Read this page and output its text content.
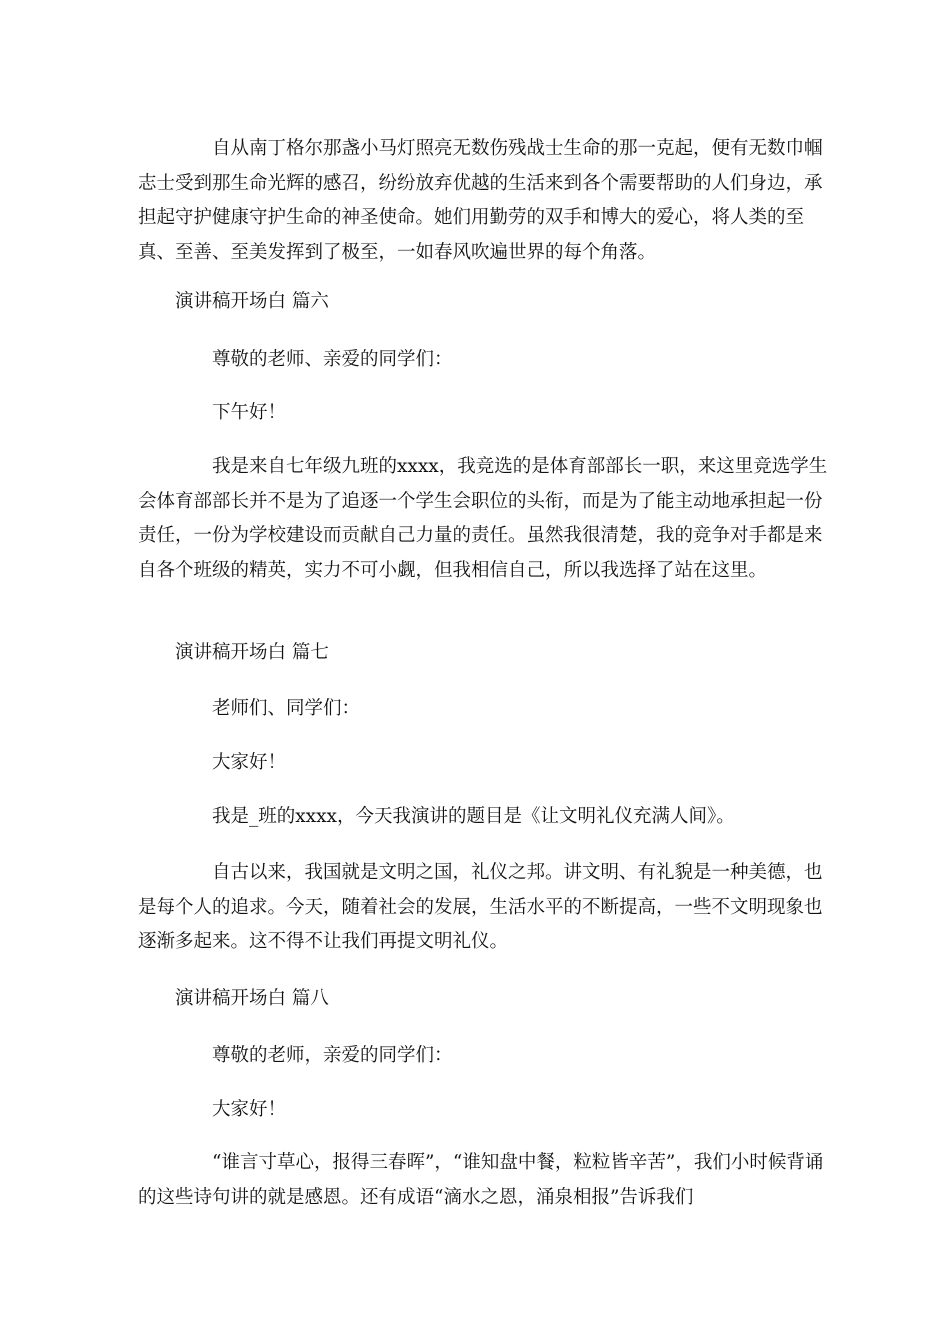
自从南丁格尔那盏小马灯照亮无数伤残战士生命的那一克起，便有无数巾帼志士受到那生命光辉的感召，纷纷放弃优越的生活来到各个需要帮助的人们身边，承担起守护健康守护生命的神圣使命。她们用勤劳的双手和博大的爱心，将人类的至真、至善、至美发挥到了极至，一如春风吹遍世界的每个角落。

演讲稿开场白 篇六

尊敬的老师、亲爱的同学们：

下午好！

我是来自七年级九班的xxxx，我竞选的是体育部部长一职，来这里竞选学生会体育部部长并不是为了追逐一个学生会职位的头衔，而是为了能主动地承担起一份责任，一份为学校建设而贡献自己力量的责任。虽然我很清楚，我的竞争对手都是来自各个班级的精英，实力不可小觑，但我相信自己，所以我选择了站在这里。

演讲稿开场白 篇七

老师们、同学们：

大家好！

我是_班的xxxx，今天我演讲的题目是《让文明礼仪充满人间》。

自古以来，我国就是文明之国，礼仪之邦。讲文明、有礼貌是一种美德，也是每个人的追求。今天，随着社会的发展，生活水平的不断提高，一些不文明现象也逐渐多起来。这不得不让我们再提文明礼仪。

演讲稿开场白 篇八

尊敬的老师，亲爱的同学们：

大家好！

“谁言寸草心，报得三春晖”，“谁知盘中餐，粒粒皆辛苦”，我们小时候背诵的这些诗句讲的就是感恩。还有成语“滴水之恩，涌泉相报”告诉我们
